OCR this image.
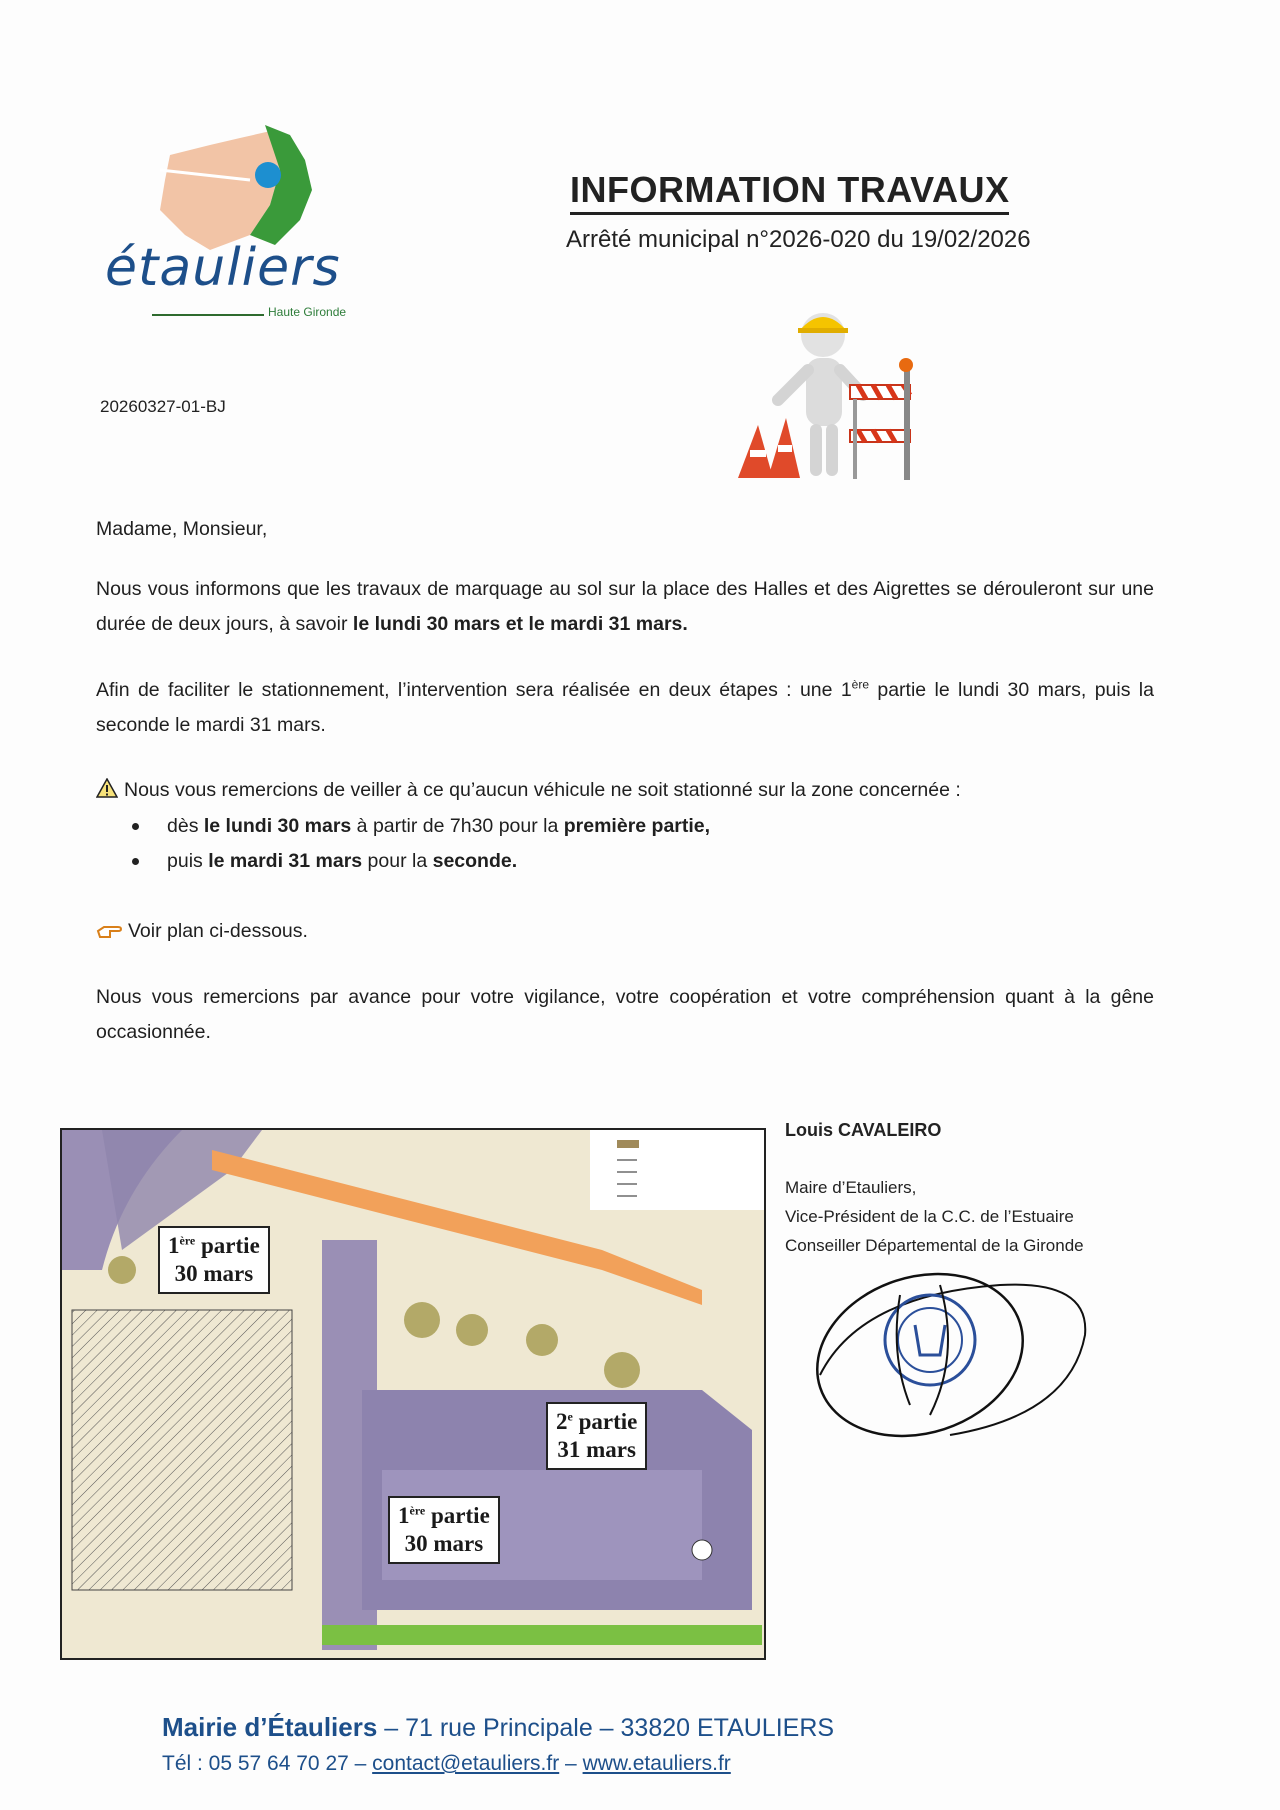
étauliers
Haute Gironde
INFORMATION TRAVAUX
Arrêté municipal n°2026-020 du 19/02/2026
20260327-01-BJ
Madame, Monsieur,
Nous vous informons que les travaux de marquage au sol sur la place des Halles et des Aigrettes se dérouleront sur une durée de deux jours, à savoir le lundi 30 mars et le mardi 31 mars.
Afin de faciliter le stationnement, l’intervention sera réalisée en deux étapes : une 1ère partie le lundi 30 mars, puis la seconde le mardi 31 mars.
Nous vous remercions de veiller à ce qu’aucun véhicule ne soit stationné sur la zone concernée :
dès le lundi 30 mars à partir de 7h30 pour la première partie,
puis le mardi 31 mars pour la seconde.
Voir plan ci-dessous.
Nous vous remercions par avance pour votre vigilance, votre coopération et votre compréhension quant à la gêne occasionnée.
1ère partie
30 mars
2e partie
31 mars
1ère partie
30 mars
Louis CAVALEIRO
Maire d’Etauliers,
Vice-Président de la C.C. de l’Estuaire
Conseiller Départemental de la Gironde
Mairie d’Étauliers – 71 rue Principale – 33820 ETAULIERS
Tél : 05 57 64 70 27 – contact@etauliers.fr – www.etauliers.fr
